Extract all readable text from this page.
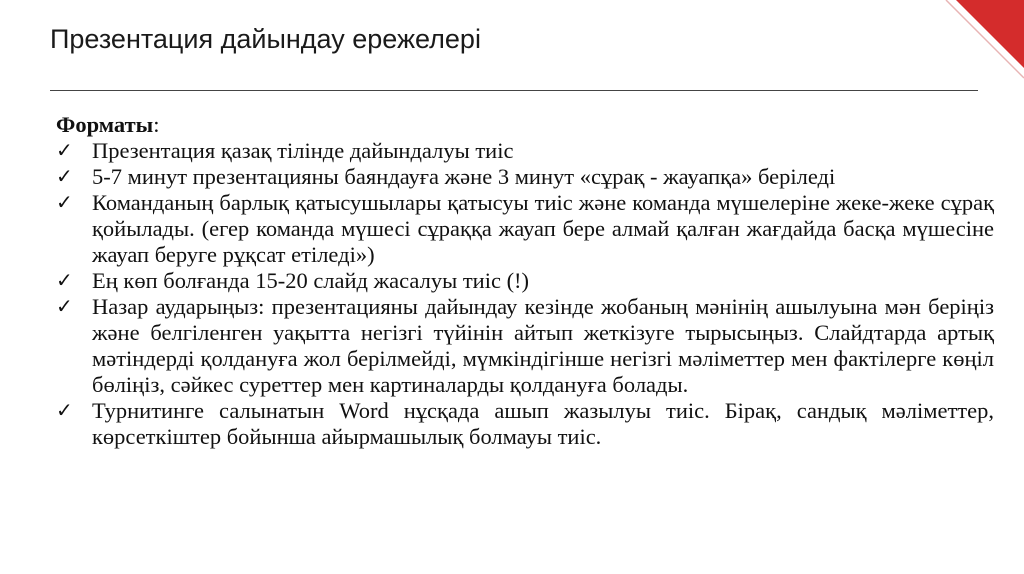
Презентация дайындау ережелері
Форматы:
✓ Презентация қазақ тілінде дайындалуы тиіс
✓ 5-7 минут презентацияны баяндауға және 3 минут «сұрақ - жауапқа» беріледі
✓ Команданың барлық қатысушылары қатысуы тиіс және команда мүшелеріне жеке-жеке сұрақ қойылады. (егер команда мүшесі сұраққа жауап бере алмай қалған жағдайда басқа мүшесіне жауап беруге рұқсат етіледі»)
✓ Ең көп болғанда 15-20 слайд жасалуы тиіс (!)
✓ Назар аударыңыз: презентацияны дайындау кезінде жобаның мәнінің ашылуына мән беріңіз және белгіленген уақытта негізгі түйінін айтып жеткізуге тырысыңыз. Слайдтарда артық мәтіндерді қолдануға жол берілмейді, мүмкіндігінше негізгі мәліметтер мен фактілерге көңіл бөліңіз, сәйкес суреттер мен картиналарды қолдануға болады.
✓ Турнитинге салынатын Word нұсқада ашып жазылуы тиіс. Бірақ, сандық мәліметтер, көрсеткіштер бойынша айырмашылық болмауы тиіс.
